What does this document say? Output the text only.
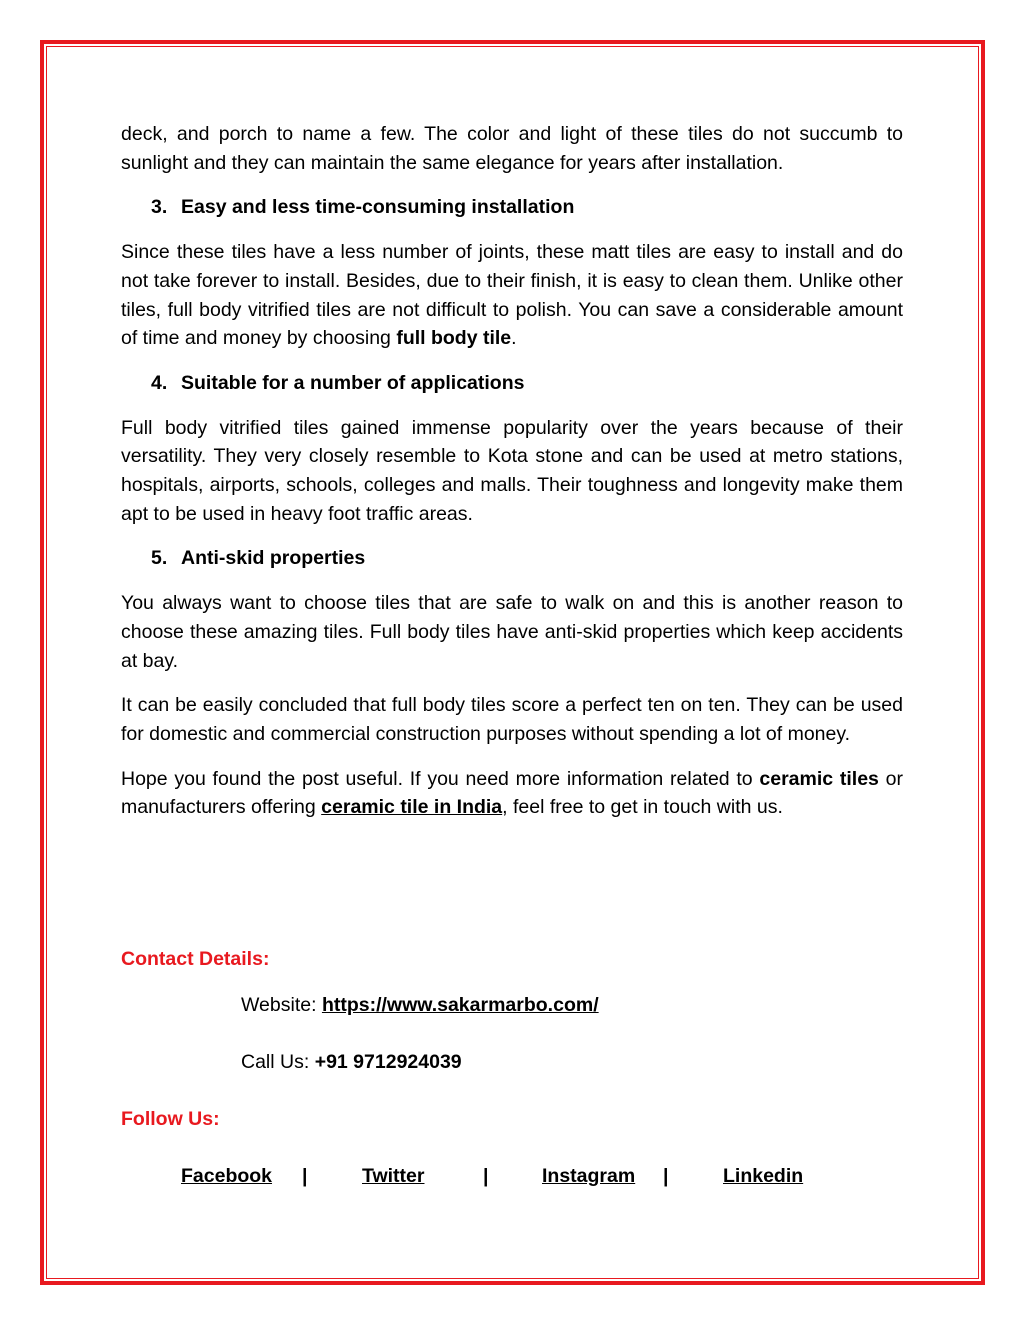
deck, and porch to name a few. The color and light of these tiles do not succumb to sunlight and they can maintain the same elegance for years after installation.

3. Easy and less time-consuming installation

Since these tiles have a less number of joints, these matt tiles are easy to install and do not take forever to install. Besides, due to their finish, it is easy to clean them. Unlike other tiles, full body vitrified tiles are not difficult to polish. You can save a considerable amount of time and money by choosing full body tile.

4. Suitable for a number of applications

Full body vitrified tiles gained immense popularity over the years because of their versatility. They very closely resemble to Kota stone and can be used at metro stations, hospitals, airports, schools, colleges and malls. Their toughness and longevity make them apt to be used in heavy foot traffic areas.

5. Anti-skid properties

You always want to choose tiles that are safe to walk on and this is another reason to choose these amazing tiles. Full body tiles have anti-skid properties which keep accidents at bay.

It can be easily concluded that full body tiles score a perfect ten on ten. They can be used for domestic and commercial construction purposes without spending a lot of money.

Hope you found the post useful. If you need more information related to ceramic tiles or manufacturers offering ceramic tile in India, feel free to get in touch with us.

Contact Details:
Website: https://www.sakarmarbo.com/
Call Us: +91 9712924039
Follow Us:
Facebook |	Twitter	|	Instagram |	Linkedin
